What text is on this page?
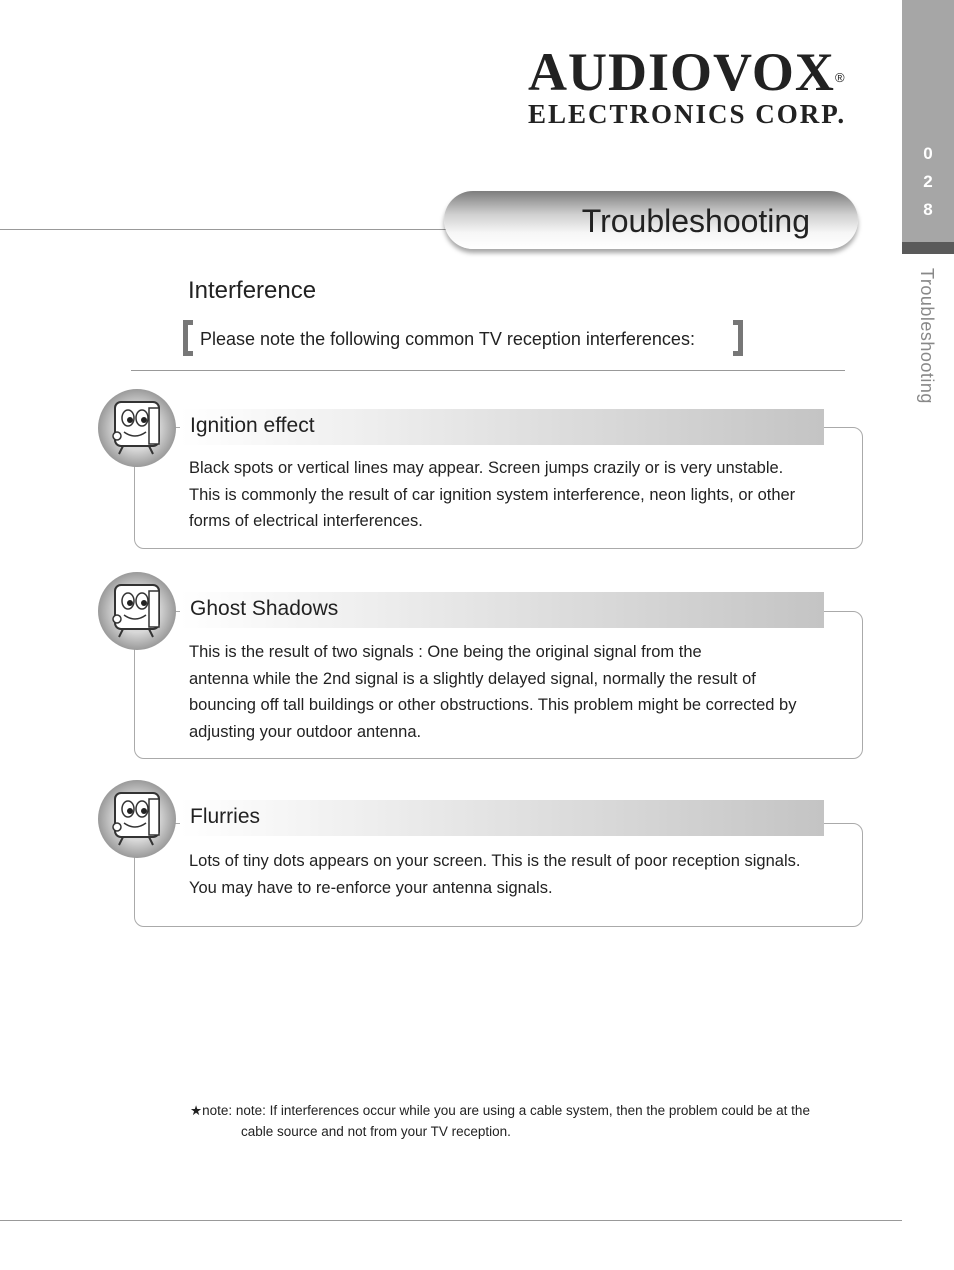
0
2
8
Troubleshooting
AUDIOVOX®
ELECTRONICS CORP.
Troubleshooting
Interference
Please note the following common TV reception interferences:
Ignition effect
Black spots or vertical lines may appear. Screen jumps crazily or is very unstable.
This is commonly the result of car ignition system interference, neon lights, or other
forms of electrical interferences.
Ghost Shadows
This is the result of two signals : One being the original signal from the
antenna while the 2nd signal is a slightly delayed signal, normally the result of
bouncing off tall buildings or other obstructions. This problem might be corrected by
adjusting your outdoor antenna.
Flurries
Lots of tiny dots appears on your screen. This is the result of poor reception signals.
You may have to re-enforce your antenna signals.
★note: note: If interferences occur while you are using a cable system, then the problem could be at the
cable source and not from your TV reception.
